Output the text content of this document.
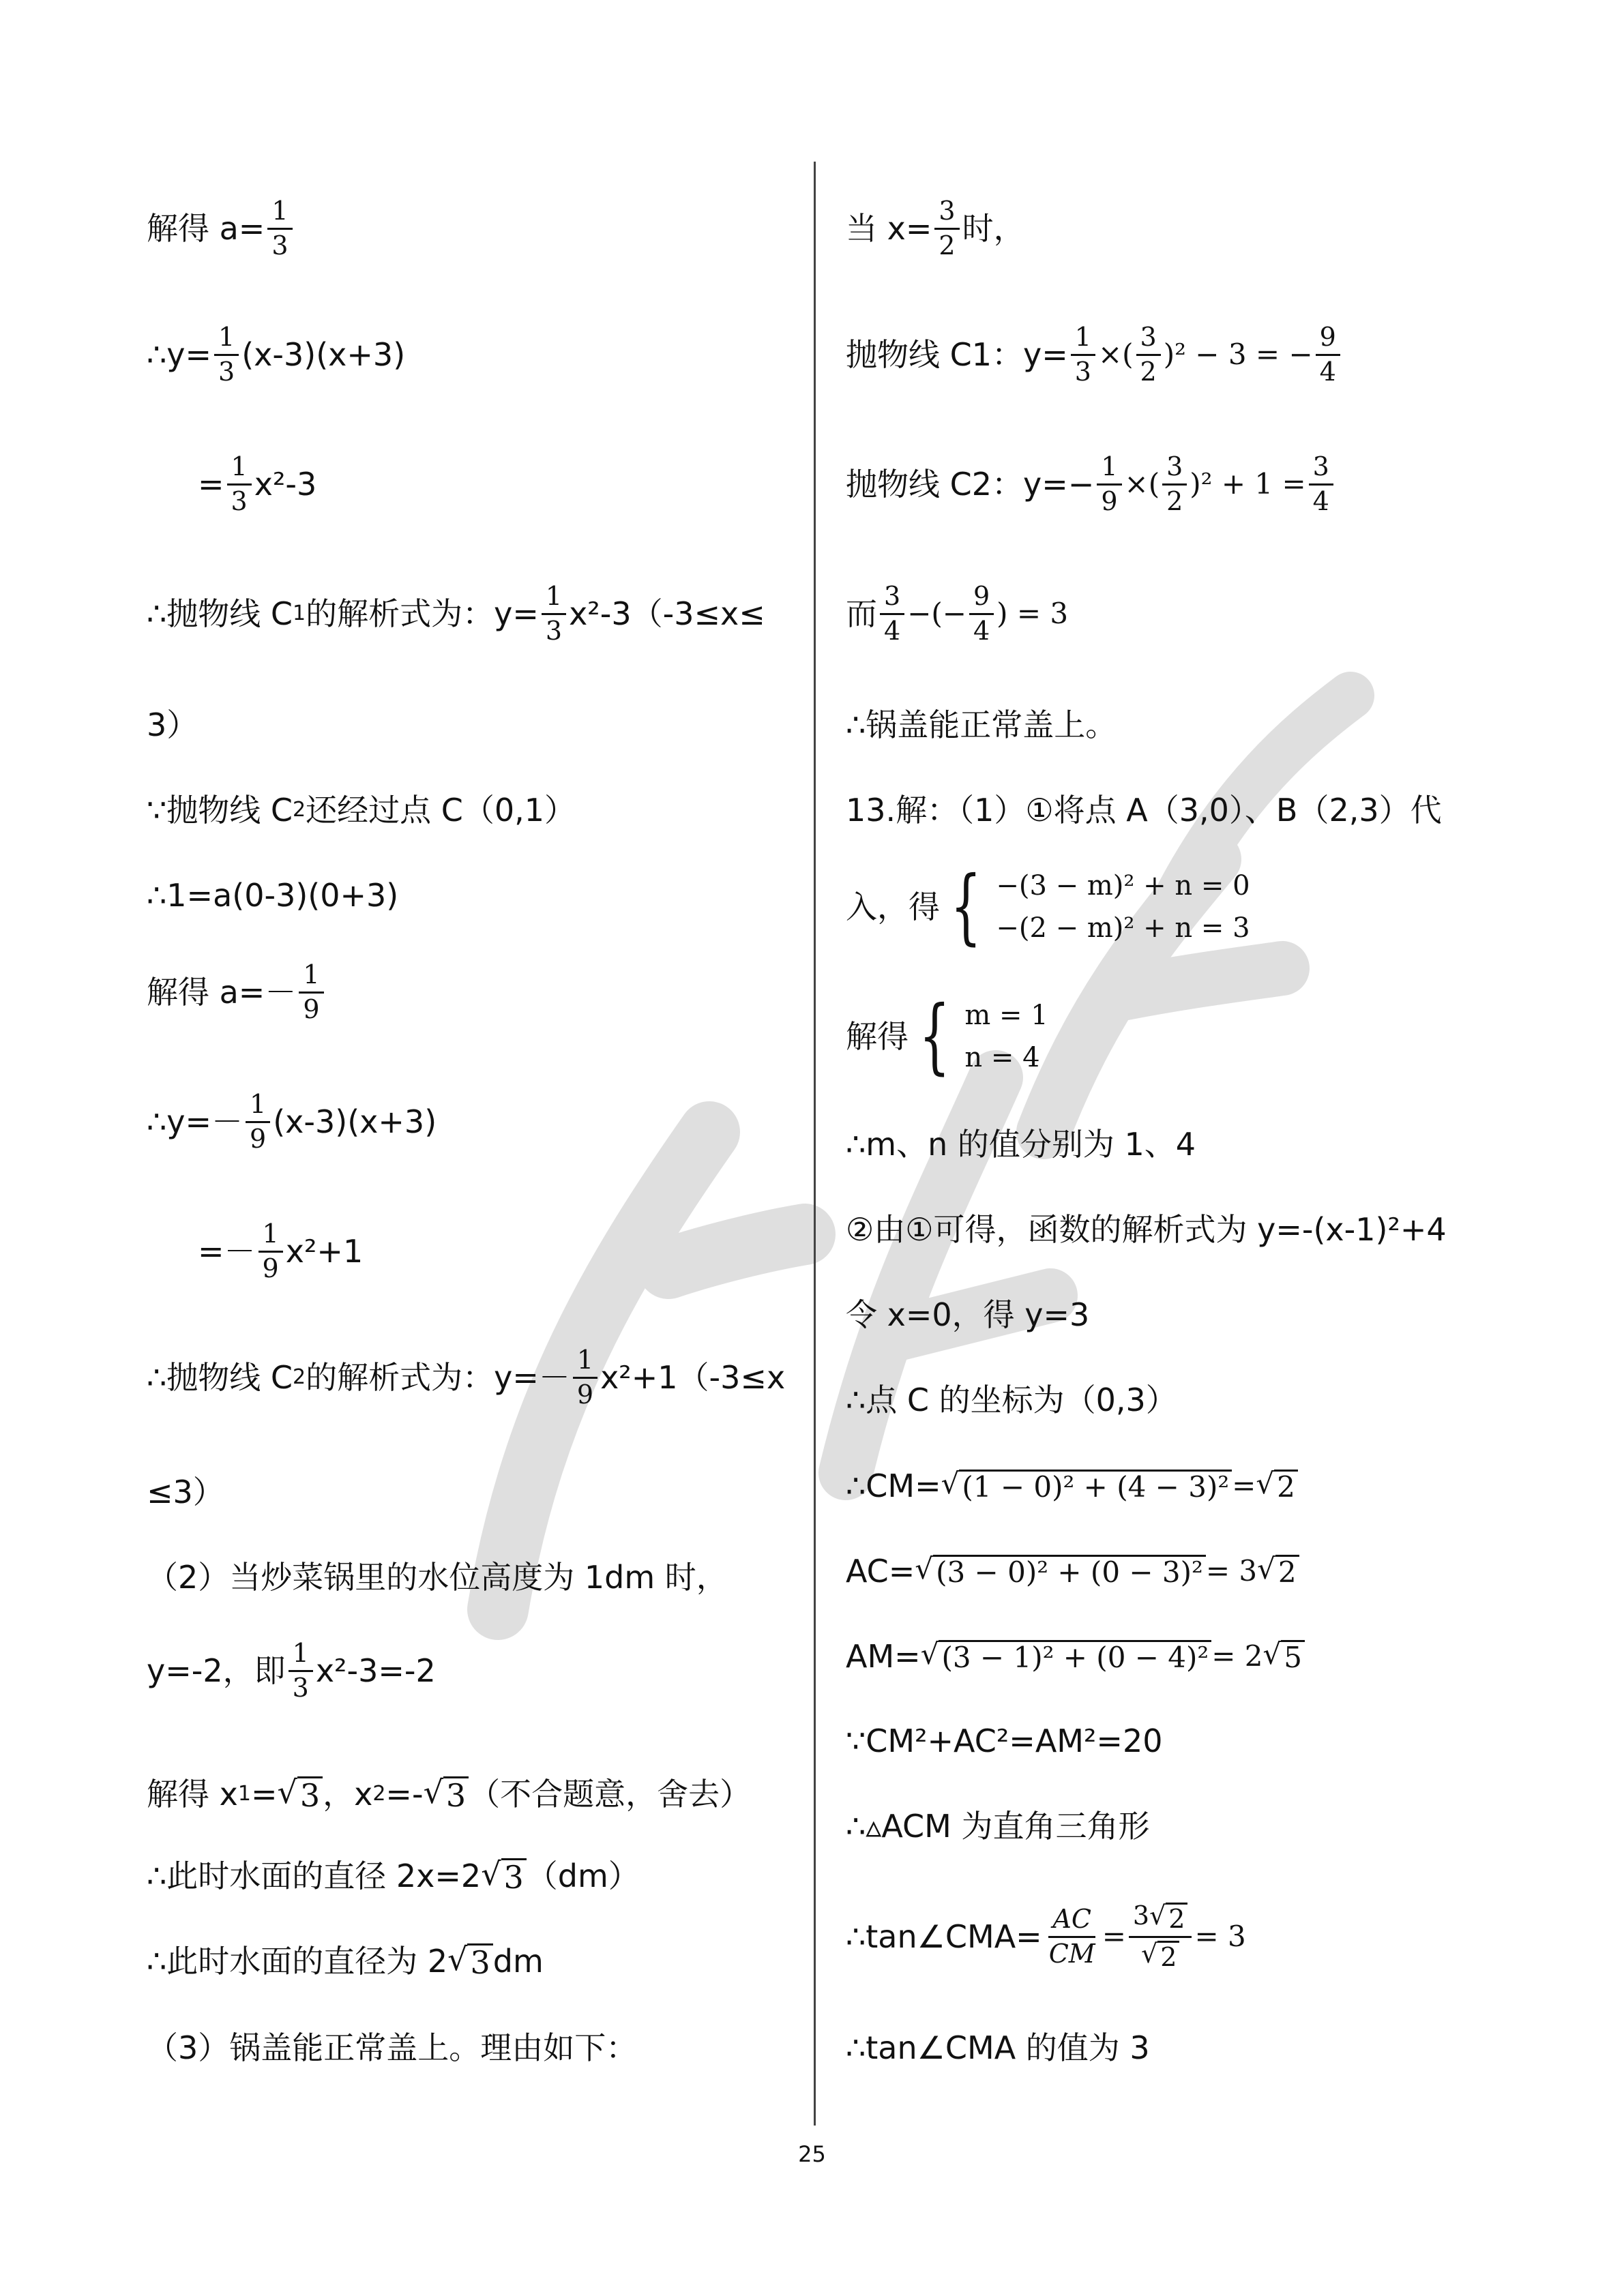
解得 $a= \frac{1}{3}$
∴y= $\frac{1}{3} (x-3)(x+3)$
= $\frac{1}{3} x^2-3$
∴抛物线 C 1 的解析式为：$y= \frac{1}{3} x^2-3(-3\le x\le$
3）
∵抛物线 C 2 还经过点 C（0,1）
∴1=a(0-3)(0+3)
解得 $a=- \frac{1}{9}$
∴y=－ $\frac{1}{9} (x-3)(x+3)$
=－ $\frac{1}{9} x^2+1$
∴抛物线 C 2 的解析式为：$y=- \frac{1}{9} x^2+1(-3\le x$
≤3）
（2）当炒菜锅里的水位高度为 1dm 时，
y=-2，即 $\frac{1}{3} x^2-3=-2$
解得 x 1 = √ 3 ，x 2 =- √ 3 （不合题意，舍去）
∴此时水面的直径 2x=2 √ 3 （dm）
∴此时水面的直径为 2 √ 3 dm
（3）锅盖能正常盖上。理由如下：
当 $x= \frac{3}{2}$ 时，
抛物线 C1：$y= \frac{1}{3}$ ×( $\frac{3}{2} )^2 - 3$ = − $\frac{9}{4}$
抛物线 C2：$y=- \frac{1}{9}$ ×( $\frac{3}{2} )^2 + 1 = \frac{3}{4}$
而 $\frac{3}{4}$ −(− $\frac{9}{4}$ ) = 3
∴锅盖能正常盖上。
13.解：（1）①将点 A（3,0）、B（2,3）代
入，得 { −(3 − m)² + n = 0
−(2 − m)² + n = 3
解得 { m = 1
n = 4
∴m、n 的值分别为 1、4
②由①可得，函数的解析式为 y=-(x-1)²+4
令 x=0，得 y=3
∴点 C 的坐标为（0,3）
∴CM= √ (1 − 0)² + (4 − 3)² = √ 2
AC= √ (3 − 0)² + (0 − 3)² = 3 √ 2
AM= √ (3 − 1)² + (0 − 4)² = 2 √ 5
∵CM²+AC²=AM²=20
∴▵ACM 为直角三角形
∴tan∠CMA= $\frac{AC}{CM} = \frac{3√ 2}{√ 2} = 3$
∴tan∠CMA 的值为 3
25
